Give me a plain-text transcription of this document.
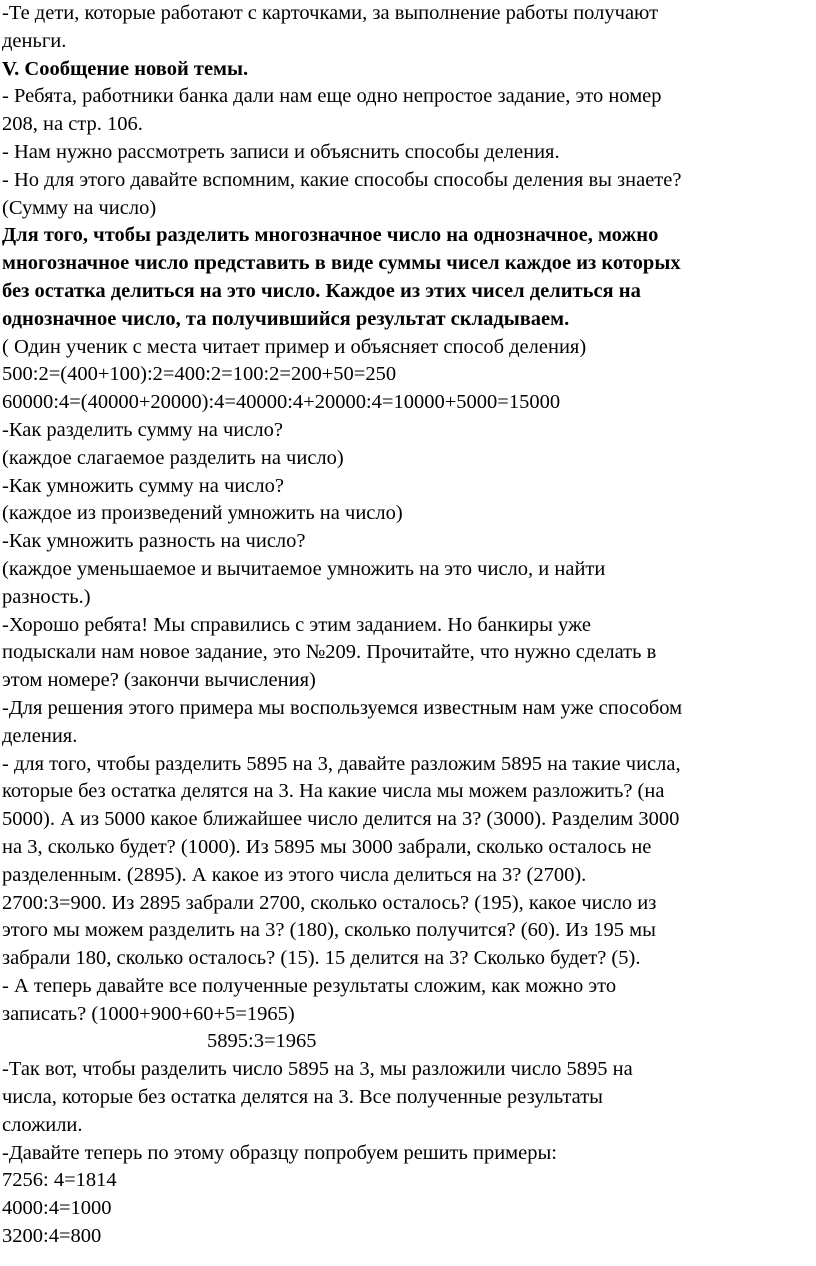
-Те дети, которые работают с карточками, за выполнение работы получают
деньги.
V. Сообщение новой темы.
- Ребята, работники банка дали нам еще одно непростое задание, это номер
208, на стр. 106.
- Нам нужно рассмотреть записи и объяснить способы деления.
- Но для этого давайте вспомним, какие способы способы деления вы знаете?
(Сумму на число)
Для того, чтобы разделить многозначное число на однозначное, можно
многозначное число представить в виде суммы чисел каждое из которых
без остатка делиться на это число. Каждое из этих чисел делиться на
однозначное число, та получившийся результат складываем.
( Один ученик с места читает пример и объясняет способ деления)
500:2=(400+100):2=400:2=100:2=200+50=250
60000:4=(40000+20000):4=40000:4+20000:4=10000+5000=15000
-Как разделить сумму на число?
(каждое слагаемое разделить на число)
-Как умножить сумму на число?
(каждое из произведений умножить на число)
-Как умножить разность на число?
(каждое уменьшаемое и вычитаемое умножить на это число, и найти
разность.)
-Хорошо ребята! Мы справились с этим заданием. Но банкиры уже
подыскали нам новое задание, это №209. Прочитайте, что нужно сделать в
этом номере? (закончи вычисления)
-Для решения этого примера мы воспользуемся известным нам уже способом
деления.
- для того, чтобы разделить 5895 на 3, давайте разложим 5895 на такие числа,
которые без остатка делятся на 3. На какие числа мы можем разложить? (на
5000). А из 5000 какое ближайшее число делится на 3? (3000). Разделим 3000
на 3, сколько будет? (1000). Из 5895 мы 3000 забрали, сколько осталось не
разделенным. (2895). А какое из этого числа делиться на 3? (2700).
2700:3=900. Из 2895 забрали 2700, сколько осталось? (195), какое число из
этого мы можем разделить на 3? (180), сколько получится? (60). Из 195 мы
забрали 180, сколько осталось? (15). 15 делится на 3? Сколько будет? (5).
- А теперь давайте все полученные результаты сложим, как можно это
записать? (1000+900+60+5=1965)
5895:3=1965
-Так вот, чтобы разделить число 5895 на 3, мы разложили число 5895 на
числа, которые без остатка делятся на 3. Все полученные результаты
сложили.
-Давайте теперь по этому образцу попробуем решить примеры:
7256: 4=1814
4000:4=1000
3200:4=800
